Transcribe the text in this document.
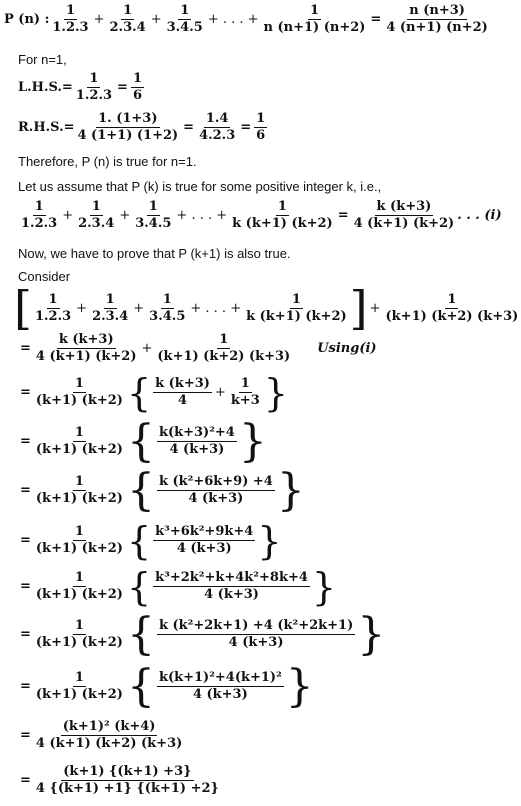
P (n) : $\frac{1}{1.2.3} + \frac{1}{2.3.4} + \frac{1}{3.4.5}$ + . . . + $\frac{1}{n (n+1) (n+2)} = \frac{n (n+3)}{4 (n+1) (n+2)}$
For n=1,
$L.H.S.= \frac{1}{1.2.3} = \frac{1}{6}$
$R.H.S.= \frac{1. (1+3)}{4 (1+1) (1+2)} = \frac{1.4}{4.2.3} = \frac{1}{6}$
Therefore, P (n) is true for n=1.
Let us assume that P (k) is true for some positive integer k, i.e.,
$\frac{1}{1.2.3} + \frac{1}{2.3.4} + \frac{1}{3.4.5}$ + . . . + $\frac{1}{k (k+1) (k+2)} = \frac{k (k+3)}{4 (k+1) (k+2)}$ . . . (i)
Now, we have to prove that P (k+1) is also true.
Consider
[ $\frac{1}{1.2.3} + \frac{1}{2.3.4} + \frac{1}{3.4.5}$ + . . . + $\frac{1}{k (k+1) (k+2)}$ ] + $\frac{1}{(k+1) (k+2) (k+3)}$
= $\frac{k (k+3)}{4 (k+1) (k+2)} + \frac{1}{(k+1) (k+2) (k+3)} Using(i)$
= $\frac{1}{(k+1) (k+2)}$ { $\frac{k (k+3)}{4} + \frac{1}{k+3}$ }
= $\frac{1}{(k+1) (k+2)}$ { $\frac{\text{k(k+3)²+4}}{4 (k+3)}$ }
= $\frac{1}{(k+1) (k+2)}$ { $\frac{\text{k (k²+6k+9) +4}}{4 (k+3)}$ }
= $\frac{1}{(k+1) (k+2)}$ { $\frac{\text{k³+6k²+9k+4}}{4 (k+3)}$ }
= $\frac{1}{(k+1) (k+2)}$ { $\frac{\text{k³+2k²+k+4k²+8k+4}}{4 (k+3)}$ }
= $\frac{1}{(k+1) (k+2)}$ { $\frac{\text{k (k²+2k+1) +4 (k²+2k+1)}}{4 (k+3)}$ }
= $\frac{1}{(k+1) (k+2)}$ { $\frac{\text{k(k+1)²+4(k+1)²}}{4 (k+3)}$ }
= $\frac{\text{(k+1)² (k+4)}}{4 (k+1) (k+2) (k+3)}$
= $\frac{(k+1) \{(k+1) +3\}}{4 \{(k+1) +1\} \{(k+1) +2\}}$
